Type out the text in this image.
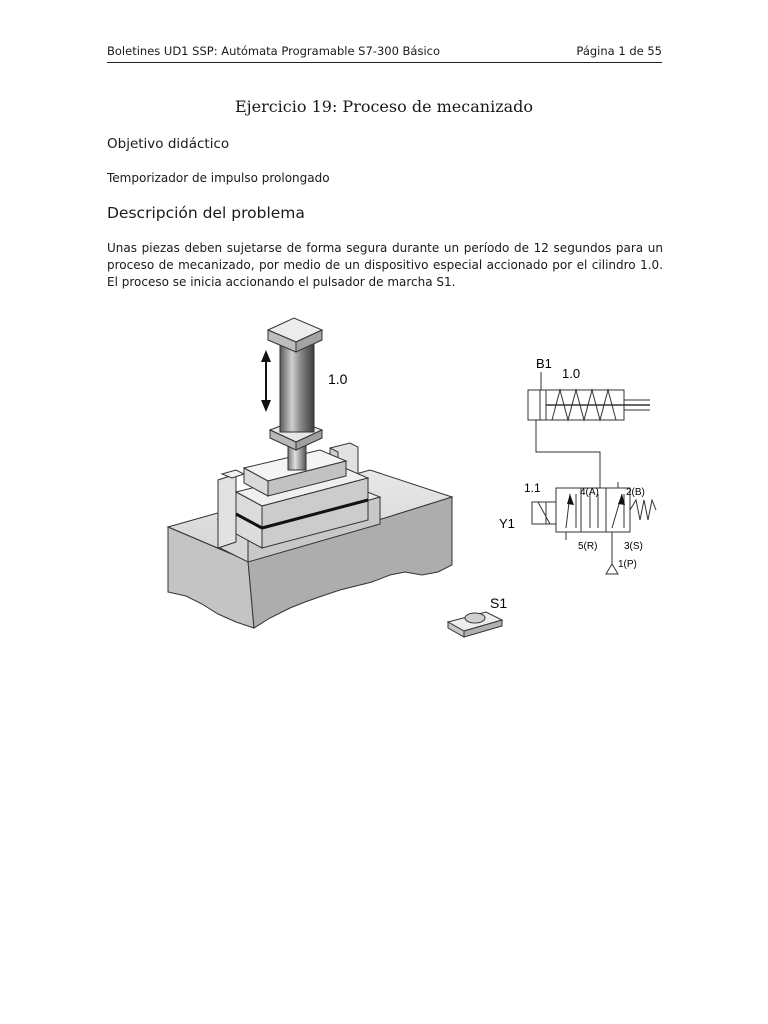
Boletines UD1 SSP: Autómata Programable S7-300 Básico	Página 1 de 55
Ejercicio 19: Proceso de mecanizado
Objetivo didáctico
Temporizador de impulso prolongado
Descripción del problema
Unas piezas deben sujetarse de forma segura durante un período de 12 segundos para un proceso de mecanizado, por medio de un dispositivo especial accionado por el cilindro 1.0. El proceso se inicia accionando el pulsador de marcha S1.
1.0
S1
B1
1.0
1.1
Y1
4(A)	2(B)
5(R)	3(S)
1(P)
